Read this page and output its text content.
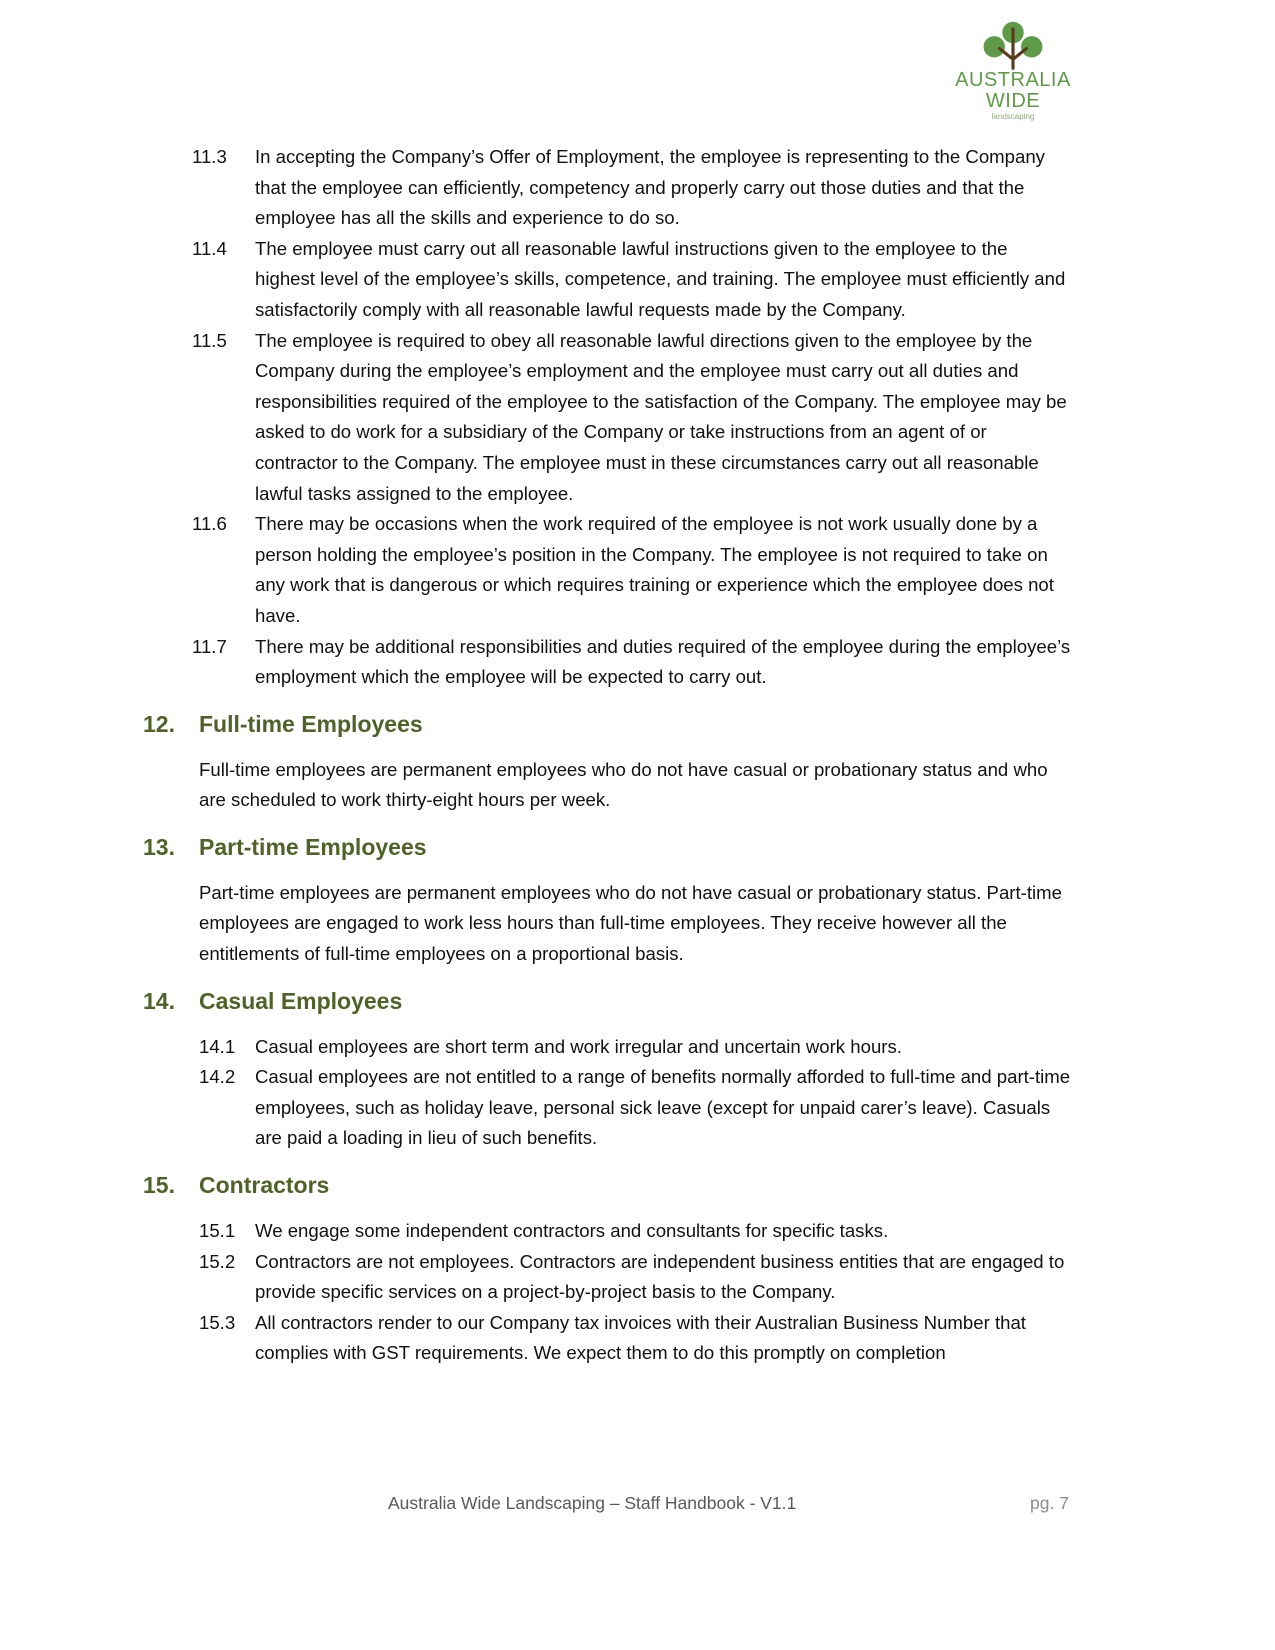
AUSTRALIA
WIDE
landscaping
11.3 In accepting the Company’s Offer of Employment, the employee is representing to the Company that the employee can efficiently, competency and properly carry out those duties and that the employee has all the skills and experience to do so.
11.4 The employee must carry out all reasonable lawful instructions given to the employee to the highest level of the employee’s skills, competence, and training. The employee must efficiently and satisfactorily comply with all reasonable lawful requests made by the Company.
11.5 The employee is required to obey all reasonable lawful directions given to the employee by the Company during the employee’s employment and the employee must carry out all duties and responsibilities required of the employee to the satisfaction of the Company. The employee may be asked to do work for a subsidiary of the Company or take instructions from an agent of or contractor to the Company. The employee must in these circumstances carry out all reasonable lawful tasks assigned to the employee.
11.6 There may be occasions when the work required of the employee is not work usually done by a person holding the employee’s position in the Company. The employee is not required to take on any work that is dangerous or which requires training or experience which the employee does not have.
11.7 There may be additional responsibilities and duties required of the employee during the employee’s employment which the employee will be expected to carry out.
12. Full-time Employees
Full-time employees are permanent employees who do not have casual or probationary status and who are scheduled to work thirty-eight hours per week.
13. Part-time Employees
Part-time employees are permanent employees who do not have casual or probationary status. Part-time employees are engaged to work less hours than full-time employees. They receive however all the entitlements of full-time employees on a proportional basis.
14. Casual Employees
14.1 Casual employees are short term and work irregular and uncertain work hours.
14.2 Casual employees are not entitled to a range of benefits normally afforded to full-time and part-time employees, such as holiday leave, personal sick leave (except for unpaid carer’s leave). Casuals are paid a loading in lieu of such benefits.
15. Contractors
15.1 We engage some independent contractors and consultants for specific tasks.
15.2 Contractors are not employees. Contractors are independent business entities that are engaged to provide specific services on a project-by-project basis to the Company.
15.3 All contractors render to our Company tax invoices with their Australian Business Number that complies with GST requirements. We expect them to do this promptly on completion
Australia Wide Landscaping – Staff Handbook - V1.1	pg. 7
